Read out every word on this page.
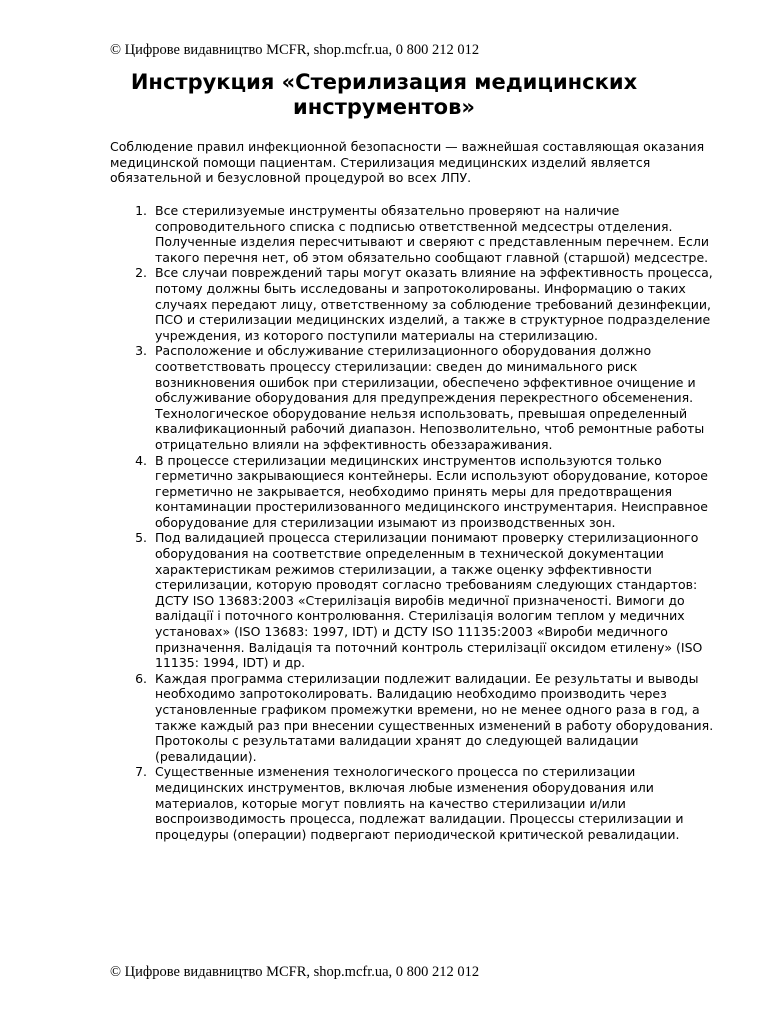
© Цифрове видавництво MCFR, shop.mcfr.ua, 0 800 212 012
Инструкция «Стерилизация медицинских
инструментов»

Соблюдение правил инфекционной безопасности — важнейшая составляющая оказания медицинской помощи пациентам. Стерилизация медицинских изделий является обязательной и безусловной процедурой во всех ЛПУ.

1. Все стерилизуемые инструменты обязательно проверяют на наличие сопроводительного списка с подписью ответственной медсестры отделения. Полученные изделия пересчитывают и сверяют с представленным перечнем. Если такого перечня нет, об этом обязательно сообщают главной (старшой) медсестре.
2. Все случаи повреждений тары могут оказать влияние на эффективность процесса, потому должны быть исследованы и запротоколированы. Информацию о таких случаях передают лицу, ответственному за соблюдение требований дезинфекции, ПСО и стерилизации медицинских изделий, а также в структурное подразделение учреждения, из которого поступили материалы на стерилизацию.
3. Расположение и обслуживание стерилизационного оборудования должно соответствовать процессу стерилизации: сведен до минимального риск возникновения ошибок при стерилизации, обеспечено эффективное очищение и обслуживание оборудования для предупреждения перекрестного обсеменения. Технологическое оборудование нельзя использовать, превышая определенный квалификационный рабочий диапазон. Непозволительно, чтоб ремонтные работы отрицательно влияли на эффективность обеззараживания.
4. В процессе стерилизации медицинских инструментов используются только герметично закрывающиеся контейнеры. Если используют оборудование, которое герметично не закрывается, необходимо принять меры для предотвращения контаминации простерилизованного медицинского инструментария. Неисправное оборудование для стерилизации изымают из производственных зон.
5. Под валидацией процесса стерилизации понимают проверку стерилизационного оборудования на соответствие определенным в технической документации характеристикам режимов стерилизации, а также оценку эффективности стерилизации, которую проводят согласно требованиям следующих стандартов: ДСТУ ISO 13683:2003 «Стерилізація виробів медичної призначеності. Вимоги до валідації і поточного контролювання. Стерилізація вологим теплом у медичних установах» (ISO 13683: 1997, IDT) и ДСТУ ISO 11135:2003 «Вироби медичного призначення. Валідація та поточний контроль стерилізації оксидом етилену» (ISO 11135: 1994, IDT) и др.
6. Каждая программа стерилизации подлежит валидации. Ее результаты и выводы необходимо запротоколировать. Валидацию необходимо производить через установленные графиком промежутки времени, но не менее одного раза в год, а также каждый раз при внесении существенных изменений в работу оборудования. Протоколы с результатами валидации хранят до следующей валидации (ревалидации).
7. Существенные изменения технологического процесса по стерилизации медицинских инструментов, включая любые изменения оборудования или материалов, которые могут повлиять на качество стерилизации и/или воспроизводимость процесса, подлежат валидации. Процессы стерилизации и процедуры (операции) подвергают периодической критической ревалидации.
© Цифрове видавництво MCFR, shop.mcfr.ua, 0 800 212 012
